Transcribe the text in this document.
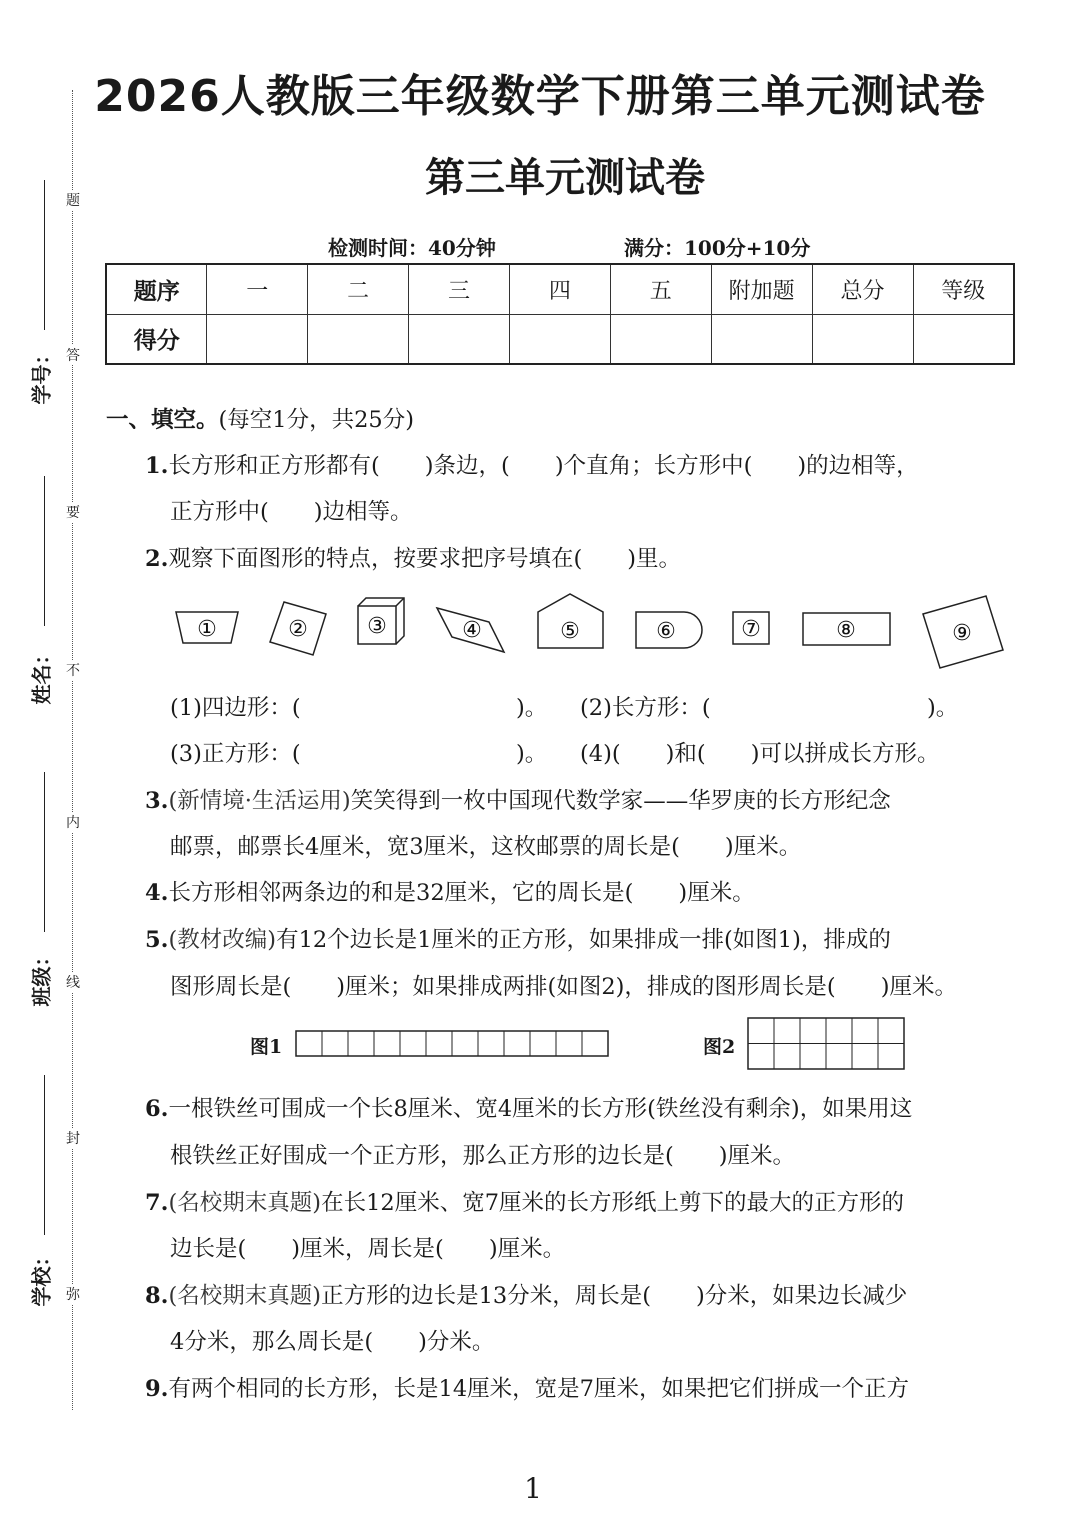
题
答
要
不
内
线
封
弥
学号：
姓名：
班级：
学校：
2026人教版三年级数学下册第三单元测试卷
第三单元测试卷
检测时间：40分钟	满分：100分+10分
题序	一	二	三	四	五	附加题	总分	等级
得分								
一、填空。(每空1分，共25分)
1.长方形和正方形都有(　　)条边，(　　)个直角；长方形中(　　)的边相等，
正方形中(　　)边相等。
2.观察下面图形的特点，按要求把序号填在(　　)里。
①	②	③	④	⑤	⑥	⑦	⑧	⑨
(1)四边形：(	)。 (2)长方形：(	)。
(3)正方形：(	)。 (4)(　　)和(　　)可以拼成长方形。
3.(新情境·生活运用)笑笑得到一枚中国现代数学家——华罗庚的长方形纪念
邮票，邮票长4厘米，宽3厘米，这枚邮票的周长是(　　)厘米。
4.长方形相邻两条边的和是32厘米，它的周长是(　　)厘米。
5.(教材改编)有12个边长是1厘米的正方形，如果排成一排(如图1)，排成的
图形周长是(　　)厘米；如果排成两排(如图2)，排成的图形周长是(　　)厘米。
图1	图2
6.一根铁丝可围成一个长8厘米、宽4厘米的长方形(铁丝没有剩余)，如果用这
根铁丝正好围成一个正方形，那么正方形的边长是(　　)厘米。
7.(名校期末真题)在长12厘米、宽7厘米的长方形纸上剪下的最大的正方形的
边长是(　　)厘米，周长是(　　)厘米。
8.(名校期末真题)正方形的边长是13分米，周长是(　　)分米，如果边长减少
4分米，那么周长是(　　)分米。
9.有两个相同的长方形，长是14厘米，宽是7厘米，如果把它们拼成一个正方
1
